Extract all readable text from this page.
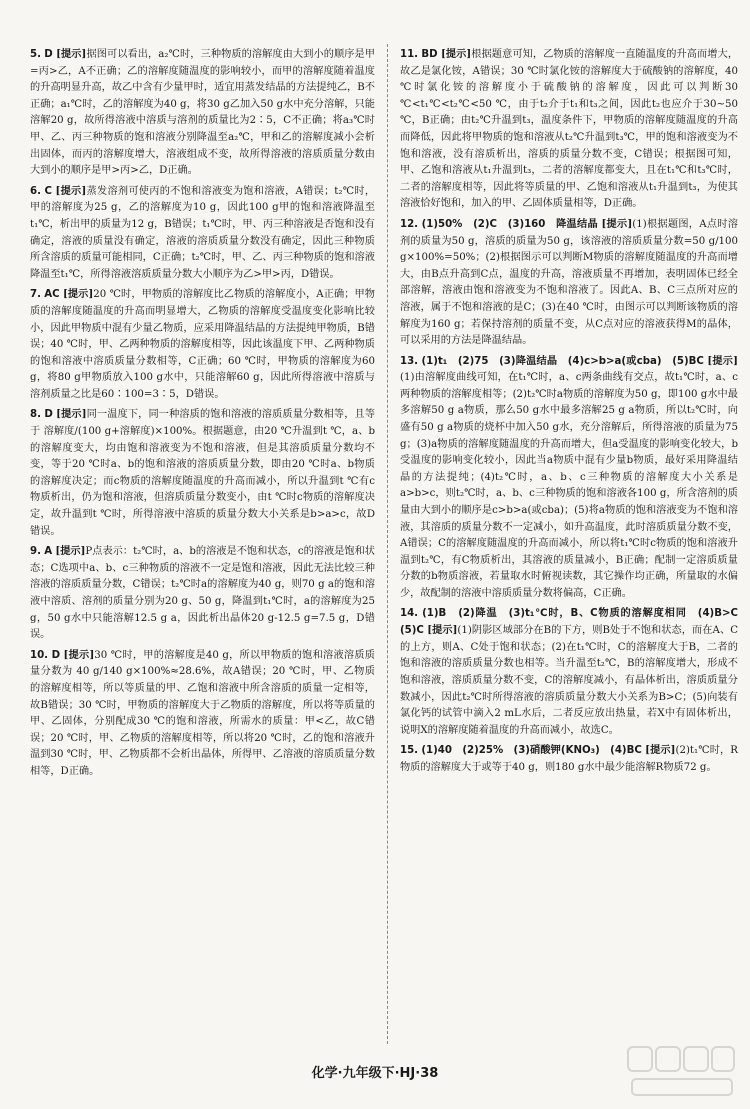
5. D [提示]据图可以看出，a₂℃时，三种物质的溶解度由大到小的顺序是甲=丙>乙，A不正确；乙的溶解度随温度的影响较小，而甲的溶解度随着温度的升高明显升高，故乙中含有少量甲时，适宜用蒸发结晶的方法提纯乙，B不正确；a₁℃时，乙的溶解度为40 g，将30 g乙加入50 g水中充分溶解，只能溶解20 g，故所得溶液中溶质与溶剂的质量比为2∶5，C不正确；将a₃℃时甲、乙、丙三种物质的饱和溶液分别降温至a₂℃，甲和乙的溶解度减小会析出固体，而丙的溶解度增大，溶液组成不变，故所得溶液的溶质质量分数由大到小的顺序是甲>丙>乙，D正确。

6. C [提示]蒸发溶剂可使丙的不饱和溶液变为饱和溶液，A错误；t₂℃时，甲的溶解度为25 g，乙的溶解度为10 g，因此100 g甲的饱和溶液降温至t₁℃，析出甲的质量为12 g，B错误；t₁℃时，甲、丙三种溶液是否饱和没有确定，溶液的质量没有确定，溶液的溶质质量分数没有确定，因此三种物质所含溶质的质量可能相同，C正确；t₂℃时，甲、乙、丙三种物质的饱和溶液降温至t₁℃，所得溶液溶质质量分数大小顺序为乙>甲>丙，D错误。

7. AC [提示]20 ℃时，甲物质的溶解度比乙物质的溶解度小，A正确；甲物质的溶解度随温度的升高而明显增大，乙物质的溶解度受温度变化影响比较小，因此甲物质中混有少量乙物质，应采用降温结晶的方法提纯甲物质，B错误；40 ℃时，甲、乙两种物质的溶解度相等，因此该温度下甲、乙两种物质的饱和溶液中溶质质量分数相等，C正确；60 ℃时，甲物质的溶解度为60 g，将80 g甲物质放入100 g水中，只能溶解60 g，因此所得溶液中溶质与溶剂质量之比是60∶100=3∶5，D错误。

8. D [提示]同一温度下，同一种溶质的饱和溶液的溶质质量分数相等，且等于 溶解度/(100 g+溶解度)×100%。根据题意，由20 ℃升温到t ℃，a、b的溶解度变大，均由饱和溶液变为不饱和溶液，但是其溶质质量分数均不变，等于20 ℃时a、b的饱和溶液的溶质质量分数，即由20 ℃时a、b物质的溶解度决定；而c物质的溶解度随温度的升高而减小，所以升温到t ℃有c物质析出，仍为饱和溶液，但溶质质量分数变小，由t ℃时c物质的溶解度决定，故升温到t ℃时，所得溶液中溶质的质量分数大小关系是b>a>c，故D错误。

9. A [提示]P点表示：t₂℃时，a、b的溶液是不饱和状态，c的溶液是饱和状态；C选项中a、b、c三种物质的溶液不一定是饱和溶液，因此无法比较三种溶液的溶质质量分数，C错误；t₂℃时a的溶解度为40 g，则70 g a的饱和溶液中溶质、溶剂的质量分别为20 g、50 g，降温到t₁℃时，a的溶解度为25 g，50 g水中只能溶解12.5 g a，因此析出晶体20 g-12.5 g=7.5 g，D错误。

10. D [提示]30 ℃时，甲的溶解度是40 g，所以甲物质的饱和溶液溶质质量分数为 40 g/140 g×100%≈28.6%，故A错误；20 ℃时，甲、乙物质的溶解度相等，所以等质量的甲、乙饱和溶液中所含溶质的质量一定相等，故B错误；30 ℃时，甲物质的溶解度大于乙物质的溶解度，所以将等质量的甲、乙固体，分别配成30 ℃的饱和溶液，所需水的质量：甲<乙，故C错误；20 ℃时，甲、乙物质的溶解度相等，所以将20 ℃时，乙的饱和溶液升温到30 ℃时，甲、乙物质都不会析出晶体，所得甲、乙溶液的溶质质量分数相等，D正确。

11. BD [提示]根据题意可知，乙物质的溶解度一直随温度的升高而增大，故乙是氯化铵，A错误；30 ℃时氯化铵的溶解度大于硫酸钠的溶解度，40 ℃时氯化铵的溶解度小于硫酸钠的溶解度，因此可以判断30 ℃<t₁℃<t₂℃<50 ℃，由于t₂介于t₁和t₃之间，因此t₂也应介于30~50 ℃，B正确；由t₂℃升温到t₃，温度条件下，甲物质的溶解度随温度的升高而降低，因此将甲物质的饱和溶液从t₂℃升温到t₃℃，甲的饱和溶液变为不饱和溶液，没有溶质析出，溶质的质量分数不变，C错误；根据图可知，甲、乙饱和溶液从t₁升温到t₃，二者的溶解度都变大，且在t₁℃和t₃℃时，二者的溶解度相等，因此将等质量的甲、乙饱和溶液从t₁升温到t₃，为使其溶液恰好饱和，加入的甲、乙固体质量相等，D正确。

12. (1)50%　(2)C　(3)160　降温结晶 [提示](1)根据题图，A点时溶剂的质量为50 g，溶质的质量为50 g，该溶液的溶质质量分数=50 g/100 g×100%=50%；(2)根据图示可以判断M物质的溶解度随温度的升高而增大，由B点升高到C点，温度的升高，溶液质量不再增加，表明固体已经全部溶解，溶液由饱和溶液变为不饱和溶液了。因此A、B、C三点所对应的溶液，属于不饱和溶液的是C；(3)在40 ℃时，由图示可以判断该物质的溶解度为160 g；若保持溶剂的质量不变，从C点对应的溶液获得M的晶体，可以采用的方法是降温结晶。

13. (1)t₁　(2)75　(3)降温结晶　(4)c>b>a(或cba)　(5)BC [提示](1)由溶解度曲线可知，在t₁℃时，a、c两条曲线有交点，故t₁℃时，a、c两种物质的溶解度相等；(2)t₂℃时a物质的溶解度为50 g，即100 g水中最多溶解50 g a物质，那么50 g水中最多溶解25 g a物质，所以t₂℃时，向盛有50 g a物质的烧杯中加入50 g水，充分溶解后，所得溶液的质量为75 g；(3)a物质的溶解度随温度的升高而增大，但a受温度的影响变化较大，b受温度的影响变化较小，因此当a物质中混有少量b物质，最好采用降温结晶的方法提纯；(4)t₂℃时，a、b、c三种物质的溶解度大小关系是a>b>c，则t₂℃时，a、b、c三种物质的饱和溶液各100 g，所含溶剂的质量由大到小的顺序是c>b>a(或cba)；(5)将a物质的饱和溶液变为不饱和溶液，其溶质的质量分数不一定减小，如升高温度，此时溶质质量分数不变，A错误；C的溶解度随温度的升高而减小，所以将t₁℃时c物质的饱和溶液升温到t₂℃，有C物质析出，其溶液的质量减小，B正确；配制一定溶质质量分数的b物质溶液，若量取水时俯视读数，其它操作均正确，所量取的水偏少，故配制的溶液中溶质质量分数将偏高，C正确。

14. (1)B　(2)降温　(3)t₁℃时，B、C物质的溶解度相同　(4)B>C　(5)C [提示](1)阴影区域部分在B的下方，则B处于不饱和状态，而在A、C的上方，则A、C处于饱和状态；(2)在t₁℃时，C的溶解度大于B，二者的饱和溶液的溶质质量分数也相等。当升温至t₂℃，B的溶解度增大，形成不饱和溶液，溶质质量分数不变，C的溶解度减小，有晶体析出，溶质质量分数减小，因此t₂℃时所得溶液的溶质质量分数大小关系为B>C；(5)向装有氯化钙的试管中滴入2 mL水后，二者反应放出热量，若X中有固体析出，说明X的溶解度随着温度的升高而减小，故选C。

15. (1)40　(2)25%　(3)硝酸钾(KNO₃)　(4)BC [提示](2)t₁℃时，R物质的溶解度大于或等于40 g，则180 g水中最少能溶解R物质72 g。

化学·九年级下·HJ·38
